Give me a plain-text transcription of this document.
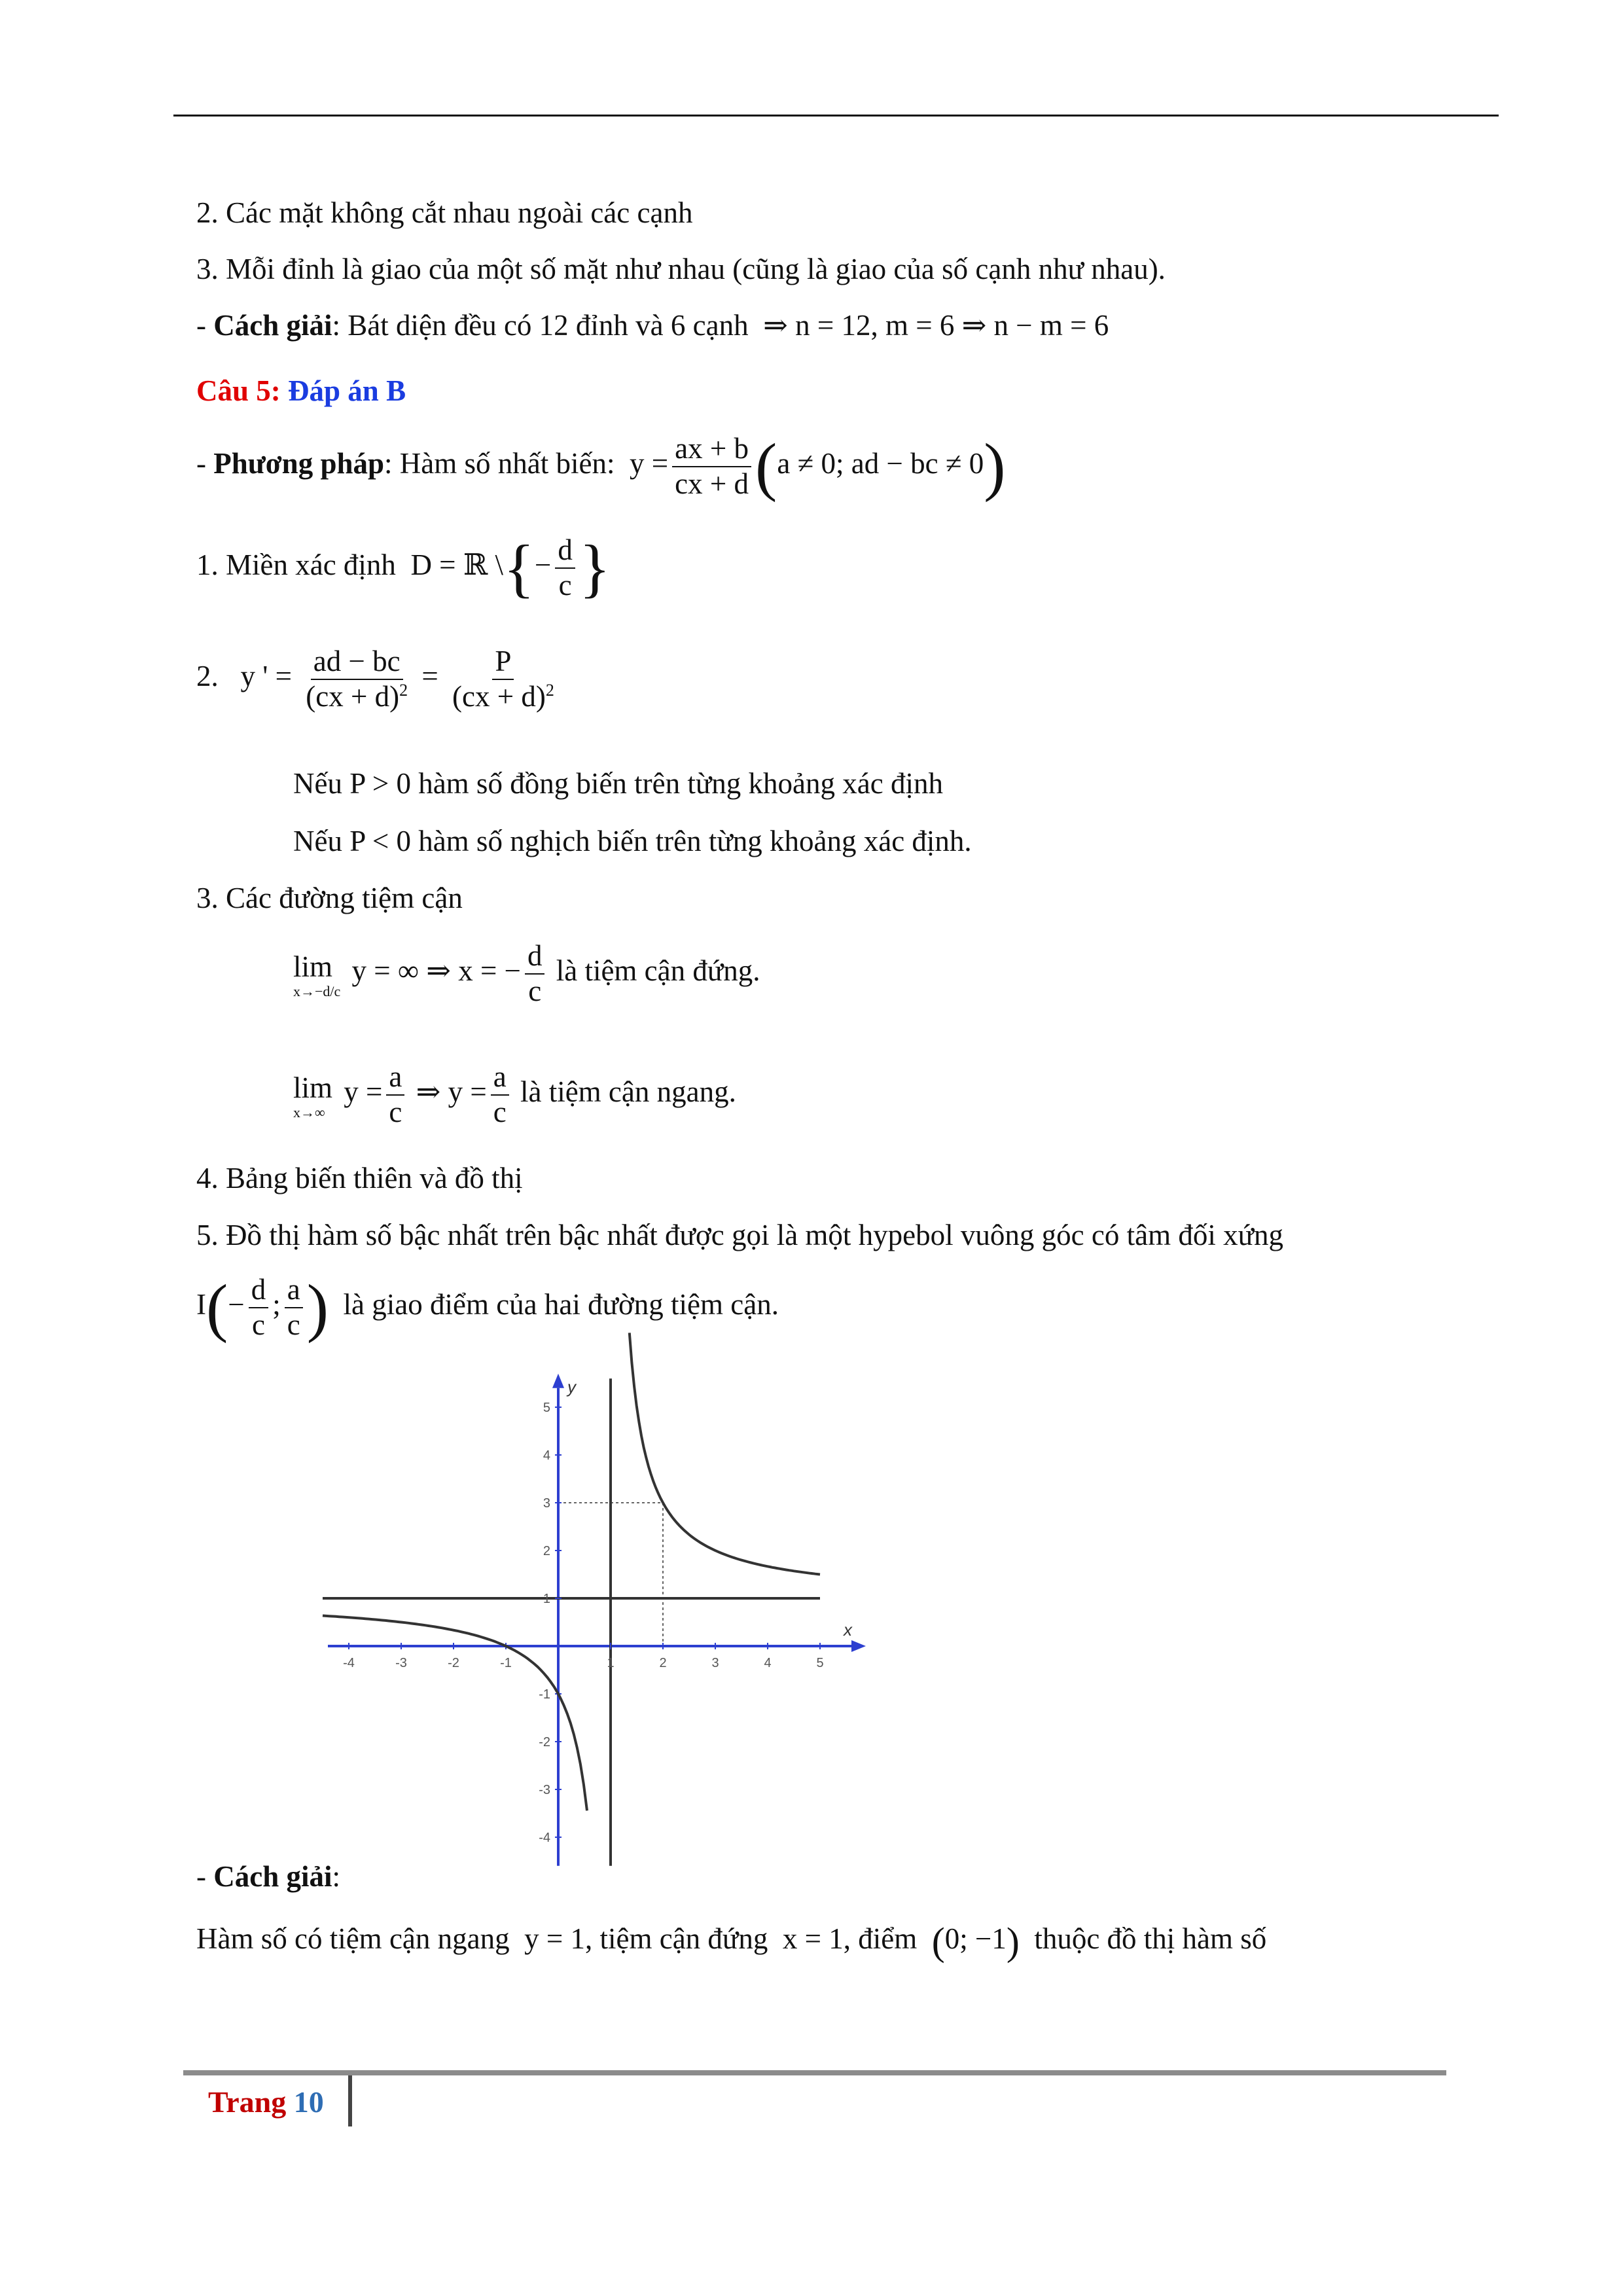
2. Các mặt không cắt nhau ngoài các cạnh
3. Mỗi đỉnh là giao của một số mặt như nhau (cũng là giao của số cạnh như nhau).
- Cách giải: Bát diện đều có 12 đỉnh và 6 cạnh ⇒ n = 12, m = 6 ⇒ n − m = 6
Câu 5: Đáp án B
- Phương pháp: Hàm số nhất biến: $y = \frac{ax + b}{cx + d} (a \ne 0$; ad − bc ≠ 0)
1. Miền xác định D = ℝ \{− $\frac{d}{c}$ }
2. y ' = $\frac{ad - bc}{(cx + d)^2} = \frac{P}{(cx + d)^2}$
Nếu P > 0 hàm số đồng biến trên từng khoảng xác định
Nếu P < 0 hàm số nghịch biến trên từng khoảng xác định.
3. Các đường tiệm cận
lim
x→−d/c
y = ∞ ⇒ x = − $\frac{d}{c}$ là tiệm cận đứng.
lim
x→∞
$y = \frac{a}{c}$ ⇒ $y = \frac{a}{c}$ là tiệm cận ngang.
4. Bảng biến thiên và đồ thị
5. Đồ thị hàm số bậc nhất trên bậc nhất được gọi là một hypebol vuông góc có tâm đối xứng
$I(- \frac{d}{c}$ ; $\frac{a}{c}$ ) là giao điểm của hai đường tiệm cận.
-4	-3	-2	-1	1	2	3	4	5
5
4
3
2
1
-1
-2
-3
-4
x
y
- Cách giải:
Hàm số có tiệm cận ngang y = 1, tiệm cận đứng x = 1, điểm (0; −1) thuộc đồ thị hàm số
Trang 10
